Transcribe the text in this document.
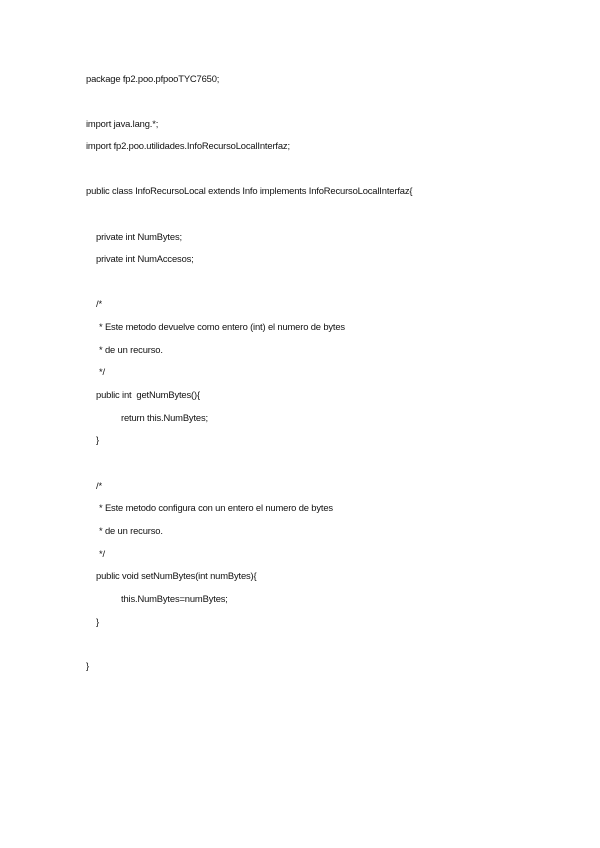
package fp2.poo.pfpooTYC7650;
import java.lang.*;
import fp2.poo.utilidades.InfoRecursoLocalInterfaz;
public class InfoRecursoLocal extends Info implements InfoRecursoLocalInterfaz{
private int NumBytes;
private int NumAccesos;
/*
* Este metodo devuelve como entero (int) el numero de bytes
* de un recurso.
*/
public int  getNumBytes(){
return this.NumBytes;
}
/*
* Este metodo configura con un entero el numero de bytes
* de un recurso.
*/
public void setNumBytes(int numBytes){
this.NumBytes=numBytes;
}
}
